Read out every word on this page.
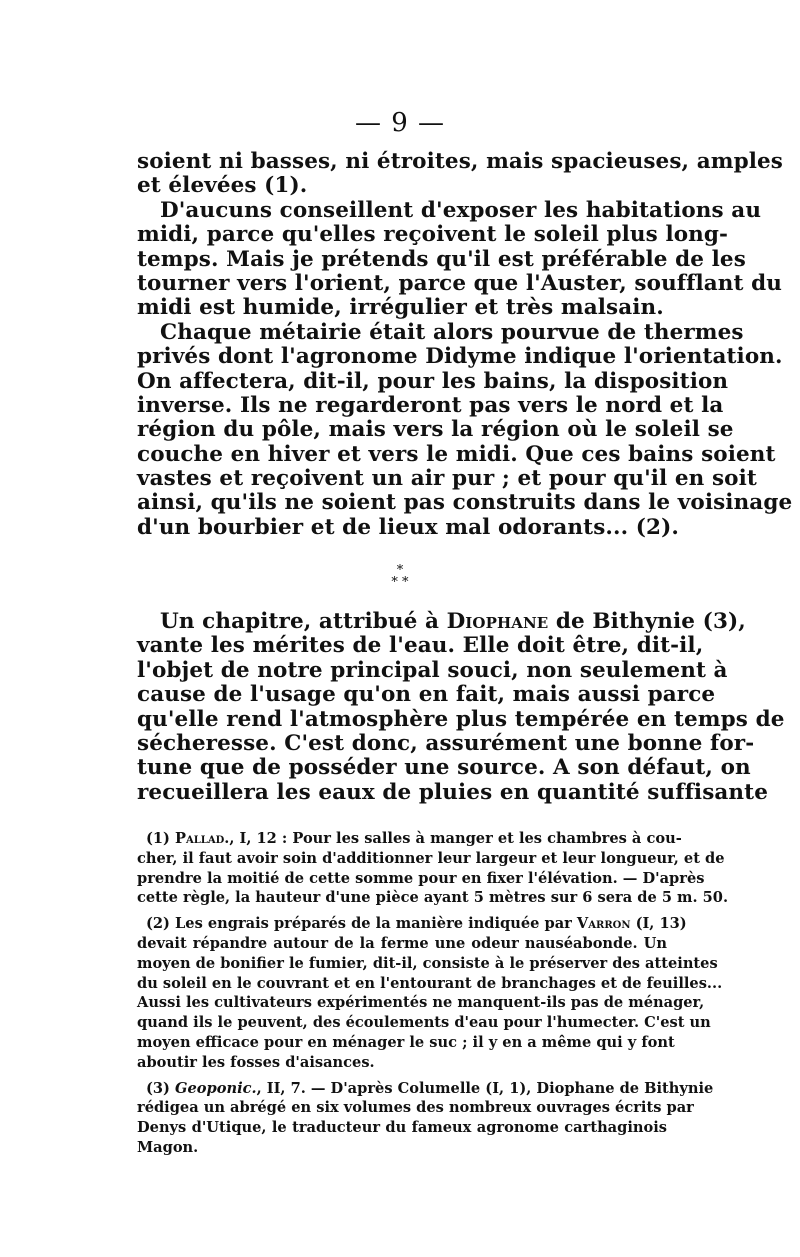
— 9 —
soient ni basses, ni étroites, mais spacieuses, amples
et élevées (1).
D'aucuns conseillent d'exposer les habitations au
midi, parce qu'elles reçoivent le soleil plus long-
temps. Mais je prétends qu'il est préférable de les
tourner vers l'orient, parce que l'Auster, soufflant du
midi est humide, irrégulier et très malsain.
Chaque métairie était alors pourvue de thermes
privés dont l'agronome Didyme indique l'orientation.
On affectera, dit-il, pour les bains, la disposition
inverse. Ils ne regarderont pas vers le nord et la
région du pôle, mais vers la région où le soleil se
couche en hiver et vers le midi. Que ces bains soient
vastes et reçoivent un air pur ; et pour qu'il en soit
ainsi, qu'ils ne soient pas construits dans le voisinage
d'un bourbier et de lieux mal odorants... (2).
*
* *
Un chapitre, attribué à Diophane de Bithynie (3),
vante les mérites de l'eau. Elle doit être, dit-il,
l'objet de notre principal souci, non seulement à
cause de l'usage qu'on en fait, mais aussi parce
qu'elle rend l'atmosphère plus tempérée en temps de
sécheresse. C'est donc, assurément une bonne for-
tune que de posséder une source. A son défaut, on
recueillera les eaux de pluies en quantité suffisante
(1) Pallad., I, 12 : Pour les salles à manger et les chambres à cou-
cher, il faut avoir soin d'additionner leur largeur et leur longueur, et de
prendre la moitié de cette somme pour en fixer l'élévation. — D'après
cette règle, la hauteur d'une pièce ayant 5 mètres sur 6 sera de 5 m. 50.
(2) Les engrais préparés de la manière indiquée par Varron (I, 13)
devait répandre autour de la ferme une odeur nauséabonde. Un
moyen de bonifier le fumier, dit-il, consiste à le préserver des atteintes
du soleil en le couvrant et en l'entourant de branchages et de feuilles...
Aussi les cultivateurs expérimentés ne manquent-ils pas de ménager,
quand ils le peuvent, des écoulements d'eau pour l'humecter. C'est un
moyen efficace pour en ménager le suc ; il y en a même qui y font
aboutir les fosses d'aisances.
(3) Geoponic., II, 7. — D'après Columelle (I, 1), Diophane de Bithynie
rédigea un abrégé en six volumes des nombreux ouvrages écrits par
Denys d'Utique, le traducteur du fameux agronome carthaginois
Magon.
